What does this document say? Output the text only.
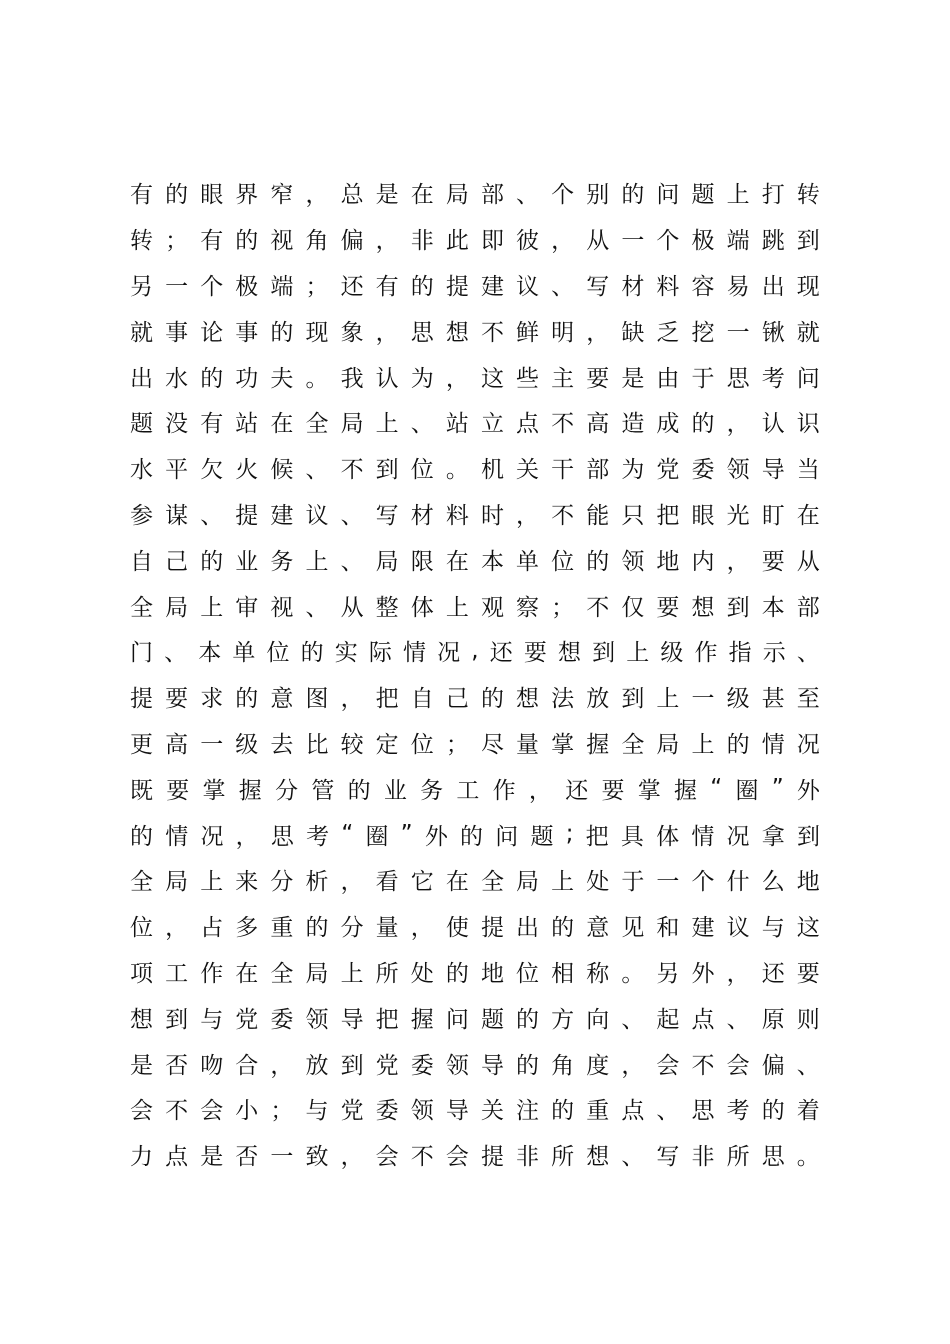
有 的 眼 界 窄 ， 总 是 在 局 部 、 个 别 的 问 题 上 打 转
转 ； 有 的 视 角 偏 ， 非 此 即 彼 ， 从 一 个 极 端 跳 到
另 一 个 极 端 ； 还 有 的 提 建 议 、 写 材 料 容 易 出 现
就 事 论 事 的 现 象 ， 思 想 不 鲜 明 ， 缺 乏 挖 一 锹 就
出 水 的 功 夫 。 我 认 为 ， 这 些 主 要 是 由 于 思 考 问
题 没 有 站 在 全 局 上 、 站 立 点 不 高 造 成 的 ， 认 识
水 平 欠 火 候 、 不 到 位 。 机 关 干 部 为 党 委 领 导 当
参 谋 、 提 建 议 、 写 材 料 时 ， 不 能 只 把 眼 光 盯 在
自 己 的 业 务 上 、 局 限 在 本 单 位 的 领 地 内 ， 要 从
全 局 上 审 视 、 从 整 体 上 观 察 ； 不 仅 要 想 到 本 部
门 、 本 单 位 的 实 际 情 况 , 还 要 想 到 上 级 作 指 示 、
提 要 求 的 意 图 ， 把 自 己 的 想 法 放 到 上 一 级 甚 至
更 高 一 级 去 比 较 定 位 ； 尽 量 掌 握 全 局 上 的 情 况
既 要 掌 握 分 管 的 业 务 工 作 ， 还 要 掌 握 “ 圈 ” 外
的 情 况 ， 思 考 “ 圈 ” 外 的 问 题 ; 把 具 体 情 况 拿 到
全 局 上 来 分 析 ， 看 它 在 全 局 上 处 于 一 个 什 么 地
位 ， 占 多 重 的 分 量 ， 使 提 出 的 意 见 和 建 议 与 这
项 工 作 在 全 局 上 所 处 的 地 位 相 称 。 另 外 ， 还 要
想 到 与 党 委 领 导 把 握 问 题 的 方 向 、 起 点 、 原 则
是 否 吻 合 ， 放 到 党 委 领 导 的 角 度 ， 会 不 会 偏 、
会 不 会 小 ； 与 党 委 领 导 关 注 的 重 点 、 思 考 的 着
力 点 是 否 一 致 ， 会 不 会 提 非 所 想 、 写 非 所 思 。
